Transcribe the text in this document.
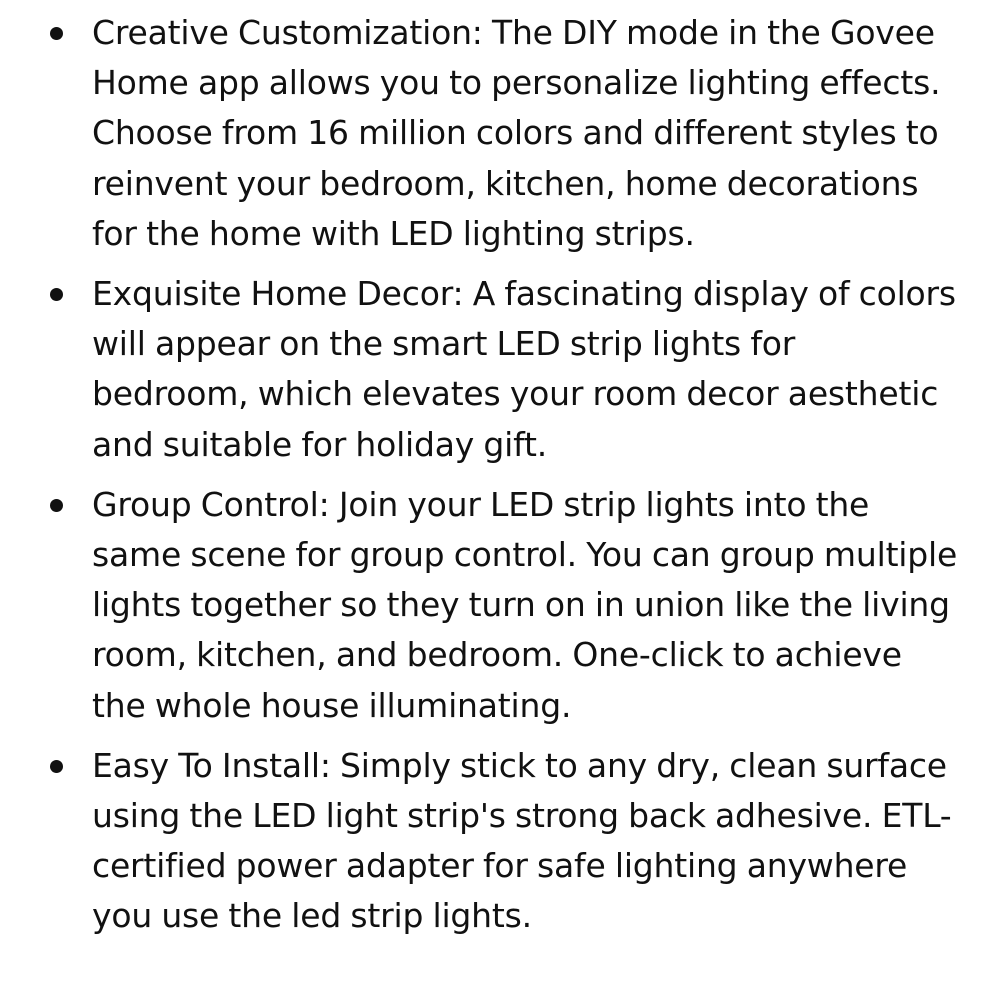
Creative Customization: The DIY mode in the Govee Home app allows you to personalize lighting effects. Choose from 16 million colors and different styles to reinvent your bedroom, kitchen, home decorations for the home with LED lighting strips.
Exquisite Home Decor: A fascinating display of colors will appear on the smart LED strip lights for bedroom, which elevates your room decor aesthetic and suitable for holiday gift.
Group Control: Join your LED strip lights into the same scene for group control. You can group multiple lights together so they turn on in union like the living room, kitchen, and bedroom. One-click to achieve the whole house illuminating.
Easy To Install: Simply stick to any dry, clean surface using the LED light strip's strong back adhesive. ETL-certified power adapter for safe lighting anywhere you use the led strip lights.
